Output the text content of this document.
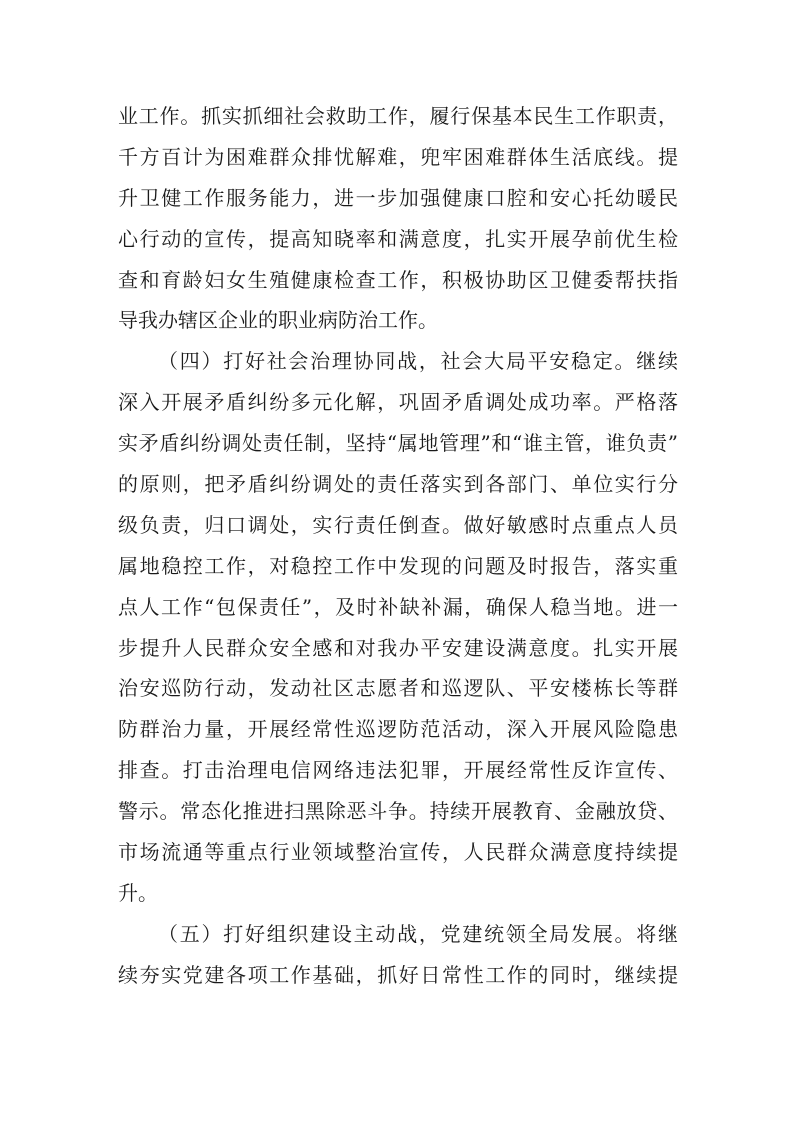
业工作。抓实抓细社会救助工作，履行保基本民生工作职责，
千方百计为困难群众排忧解难，兜牢困难群体生活底线。提
升卫健工作服务能力，进一步加强健康口腔和安心托幼暖民
心行动的宣传，提高知晓率和满意度，扎实开展孕前优生检
查和育龄妇女生殖健康检查工作，积极协助区卫健委帮扶指
导我办辖区企业的职业病防治工作。
（四）打好社会治理协同战，社会大局平安稳定。继续
深入开展矛盾纠纷多元化解，巩固矛盾调处成功率。严格落
实矛盾纠纷调处责任制，坚持“属地管理”和“谁主管，谁负责”
的原则，把矛盾纠纷调处的责任落实到各部门、单位实行分
级负责，归口调处，实行责任倒查。做好敏感时点重点人员
属地稳控工作，对稳控工作中发现的问题及时报告，落实重
点人工作“包保责任”，及时补缺补漏，确保人稳当地。进一
步提升人民群众安全感和对我办平安建设满意度。扎实开展
治安巡防行动，发动社区志愿者和巡逻队、平安楼栋长等群
防群治力量，开展经常性巡逻防范活动，深入开展风险隐患
排查。打击治理电信网络违法犯罪，开展经常性反诈宣传、
警示。常态化推进扫黑除恶斗争。持续开展教育、金融放贷、
市场流通等重点行业领域整治宣传，人民群众满意度持续提
升。
（五）打好组织建设主动战，党建统领全局发展。将继
续夯实党建各项工作基础，抓好日常性工作的同时，继续提
